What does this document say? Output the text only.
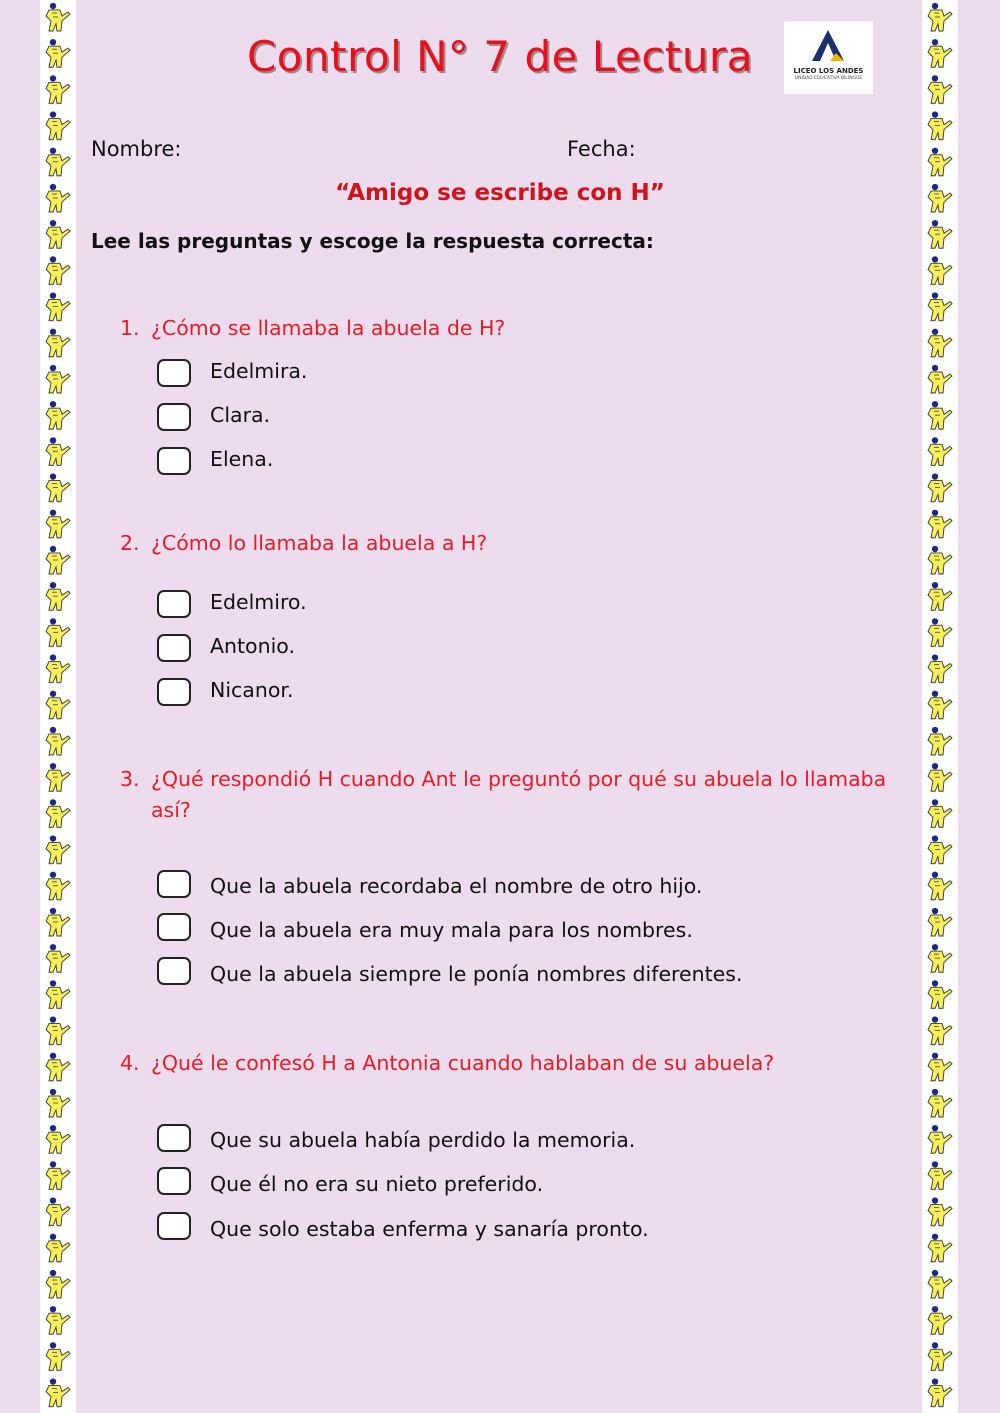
Control N° 7 de Lectura	LICEO LOS ANDES
UNIDAD EDUCATIVA BILINGÜE
Nombre:	Fecha:
“Amigo se escribe con H”
Lee las preguntas y escoge la respuesta correcta:
1. ¿Cómo se llamaba la abuela de H?
Edelmira.
Clara.
Elena.
2. ¿Cómo lo llamaba la abuela a H?
Edelmiro.
Antonio.
Nicanor.
3. ¿Qué respondió H cuando Ant le preguntó por qué su abuela lo llamaba así?
Que la abuela recordaba el nombre de otro hijo.
Que la abuela era muy mala para los nombres.
Que la abuela siempre le ponía nombres diferentes.
4. ¿Qué le confesó H a Antonia cuando hablaban de su abuela?
Que su abuela había perdido la memoria.
Que él no era su nieto preferido.
Que solo estaba enferma y sanaría pronto.
